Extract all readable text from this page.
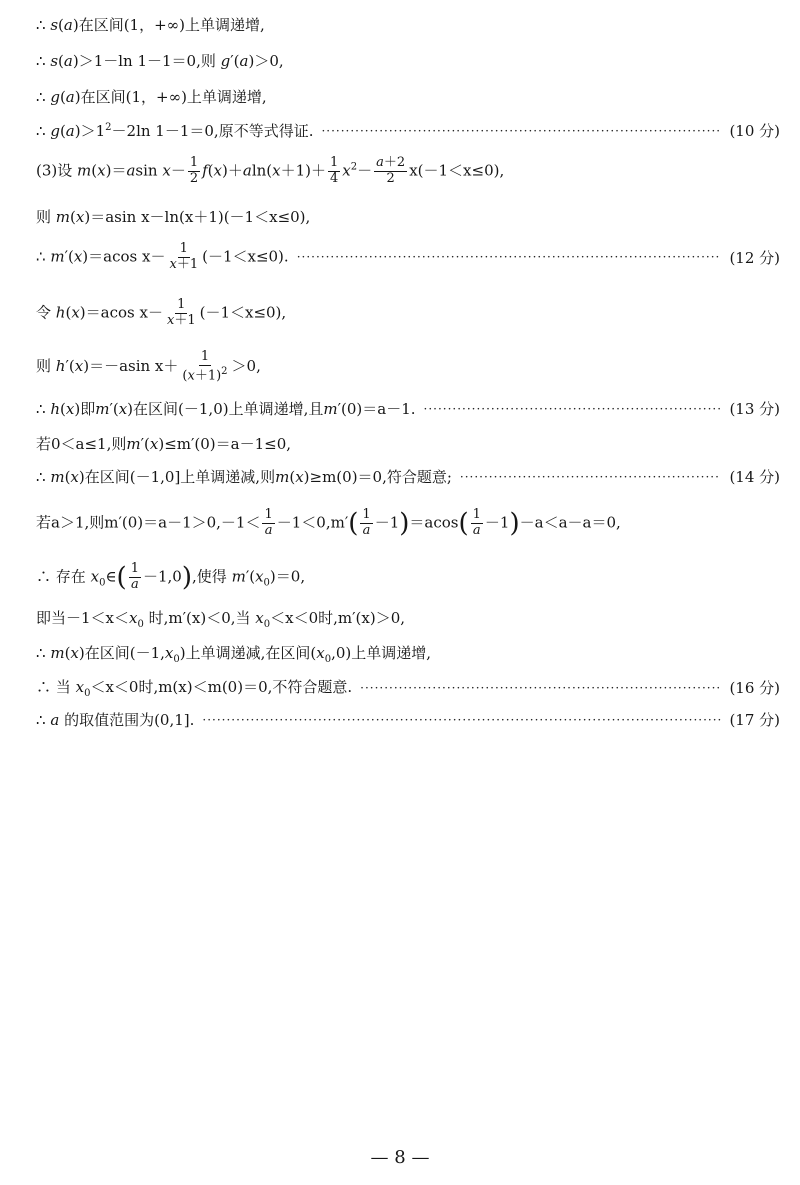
∴ s(a)在区间(1，+∞)上单调递增,
∴ s(a)＞1－ln 1－1＝0,则 g′(a)＞0,
∴ g(a)在区间(1，+∞)上单调递增,
∴ $g(a)>1^2-2\ln$ 1－1＝0,原不等式得证. ·····	(10 分)
(3)设 m(x)＝asin $x- \frac{1}{2} f(x)+aln(x+1)+ \frac{1}{4} x^2- \frac{a+2}{2} x(-1<x\le 0)$,
则 m(x)＝asin x－ln(x＋1)(－1＜x≤0),
∴ m′(x)＝acos $x- \frac{1}{x+1} (-1<x\le 0)$. ·····	(12 分)
令 h(x)＝acos $x- \frac{1}{x+1} (-1<x\le 0)$,
则 h′(x)＝－asin $x+ \frac{1}{(x+1)^2} >0$,
∴ h(x)即m′(x)在区间(－1,0)上单调递增,且m′(0)＝a－1. ·····	(13 分)
若0＜a≤1,则m′(x)≤m′(0)＝a－1≤0,
∴ m(x)在区间(－1,0]上单调递减,则m(x)≥m(0)＝0,符合题意; ·····	(14 分)
若a＞1,则$m'(0)=a-1>0,-1< \frac{1}{a} -1<0,m'( \frac{1}{a} -1)=acos( \frac{1}{a} -1)-a<a-a=0$,
∴ 存在 $x_0\in( \frac{1}{a} -1,0)$,使得 $m'(x_0)=0$,
即当$-1<x<x_0$ 时,m′(x)＜0,当 $x_0<x<0$时,m′(x)＞0,
∴ m(x)在区间$(-1,x_0)$上单调递减,在区间$(x_0,0)$上单调递增,
∴ 当 $x_0<x<0$时,m(x)＜m(0)＝0,不符合题意. ·····	(16 分)
∴ a 的取值范围为(0,1]. ·····	(17 分)
— 8 —
